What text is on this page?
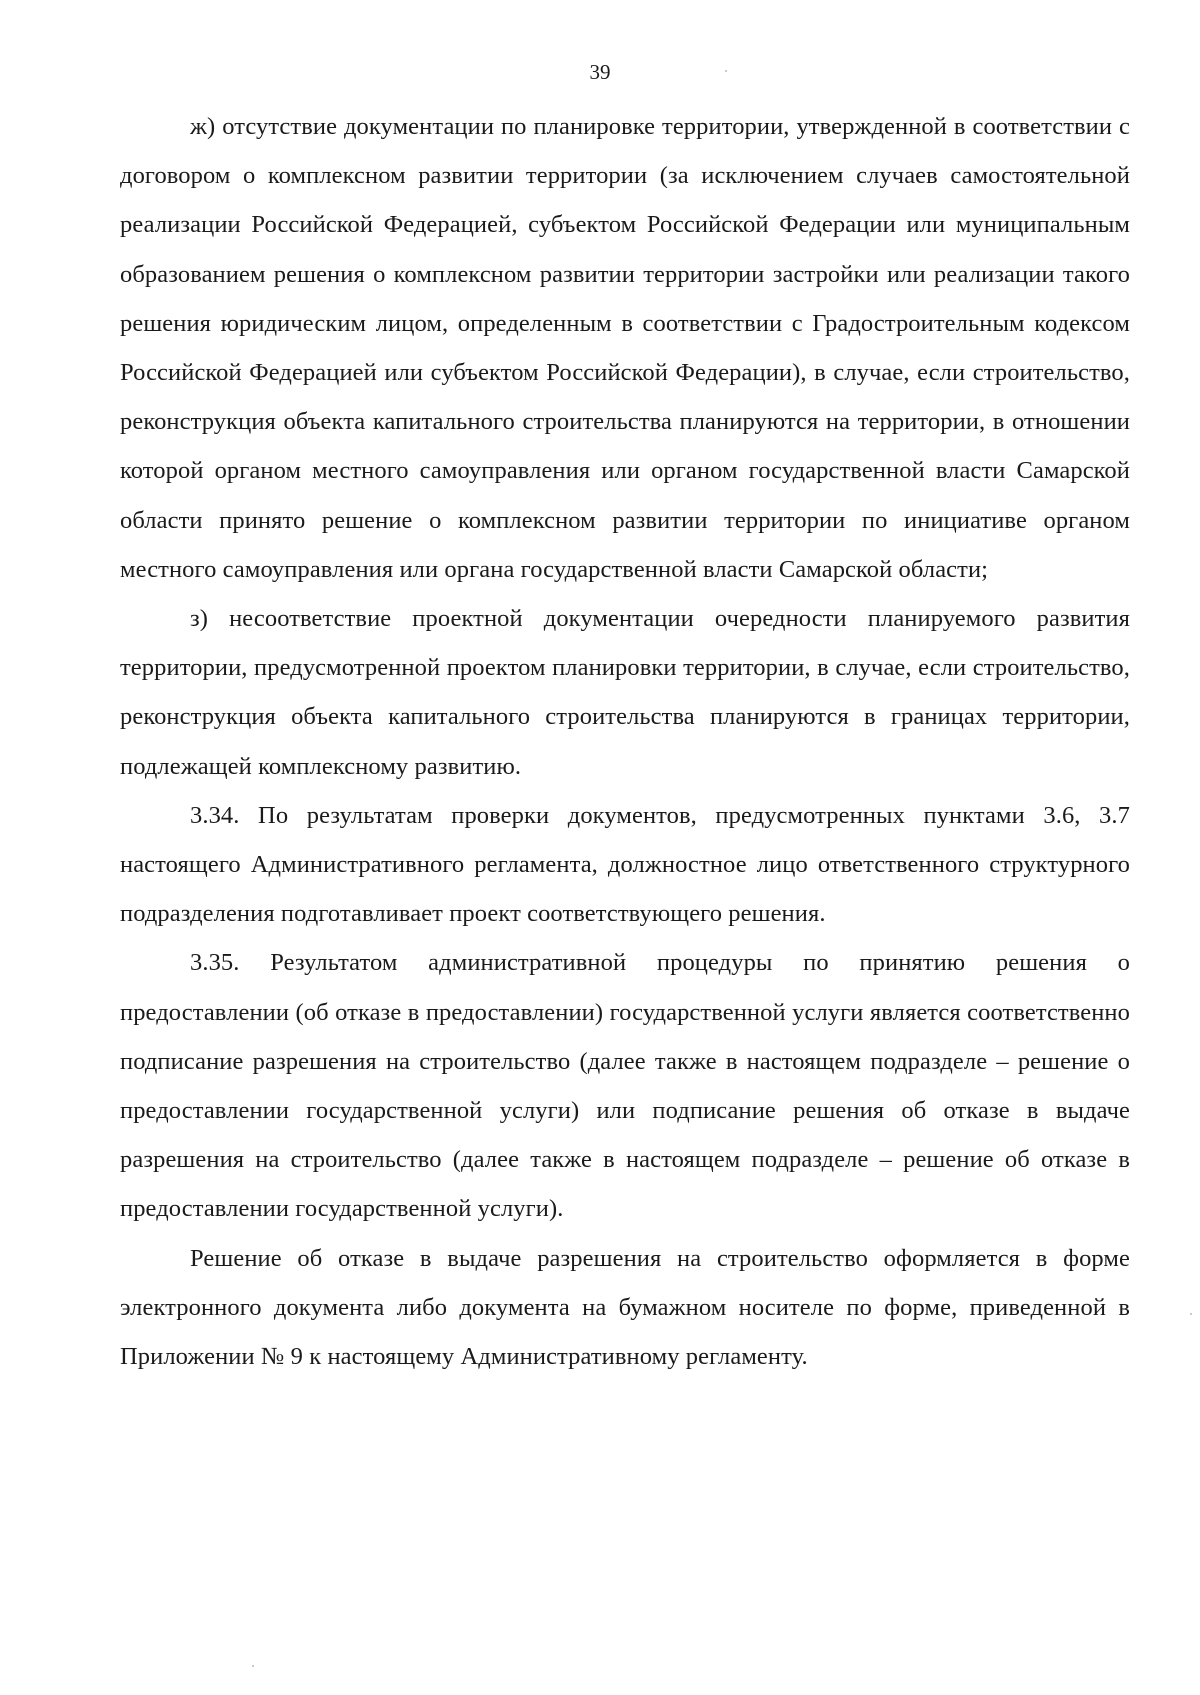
39

ж) отсутствие документации по планировке территории, утвержденной в соответствии с договором о комплексном развитии территории (за исключением случаев самостоятельной реализации Российской Федерацией, субъектом Российской Федерации или муниципальным образованием решения о комплексном развитии территории застройки или реализации такого решения юридическим лицом, определенным в соответствии с Градостроительным кодексом Российской Федерацией или субъектом Российской Федерации), в случае, если строительство, реконструкция объекта капитального строительства планируются на территории, в отношении которой органом местного самоуправления или органом государственной власти Самарской области принято решение о комплексном развитии территории по инициативе органом местного самоуправления или органа государственной власти Самарской области;

з) несоответствие проектной документации очередности планируемого развития территории, предусмотренной проектом планировки территории, в случае, если строительство, реконструкция объекта капитального строительства планируются в границах территории, подлежащей комплексному развитию.

3.34. По результатам проверки документов, предусмотренных пунктами 3.6, 3.7 настоящего Административного регламента, должностное лицо ответственного структурного подразделения подготавливает проект соответствующего решения.

3.35. Результатом административной процедуры по принятию решения о предоставлении (об отказе в предоставлении) государственной услуги является соответственно подписание разрешения на строительство (далее также в настоящем подразделе – решение о предоставлении государственной услуги) или подписание решения об отказе в выдаче разрешения на строительство (далее также в настоящем подразделе – решение об отказе в предоставлении государственной услуги).

Решение об отказе в выдаче разрешения на строительство оформляется в форме электронного документа либо документа на бумажном носителе по форме, приведенной в Приложении № 9 к настоящему Административному регламенту.
